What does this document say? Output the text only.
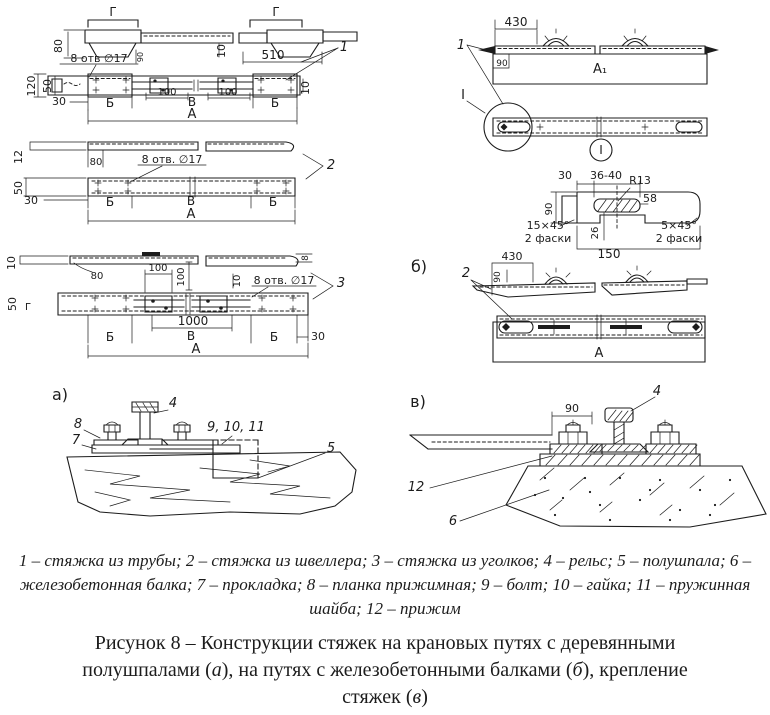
Г	Г
80
8 отв ∅17 90	10	510	1
120 50
30	Б
100	100
В	Б
А
10
12	80	8 отв. ∅17	2
50
30	Б	В	Б
А
10
80
100 100	10 8 отв. ∅17 3
8
50 Г
1000
Б	В	Б	30
А
430
1
90	А₁
I
I
30 36-40 R13
58
90
15×45°
2 фаски 26
5×45°
2 фаски
150
б)	2
430
90
А
а)	4
8
7
9, 10, 11
5
в)	90
4
12
6
1 – стяжка из трубы; 2 – стяжка из швеллера; 3 – стяжка из уголков; 4 – рельс; 5 – полушпала; 6 – железобетонная балка; 7 – прокладка; 8 – планка прижимная; 9 – болт; 10 – гайка; 11 – пружинная шайба; 12 – прижим
Рисунок 8 – Конструкции стяжек на крановых путях с деревянными
полушпалами (а), на путях с железобетонными балками (б), крепление
стяжек (в)
